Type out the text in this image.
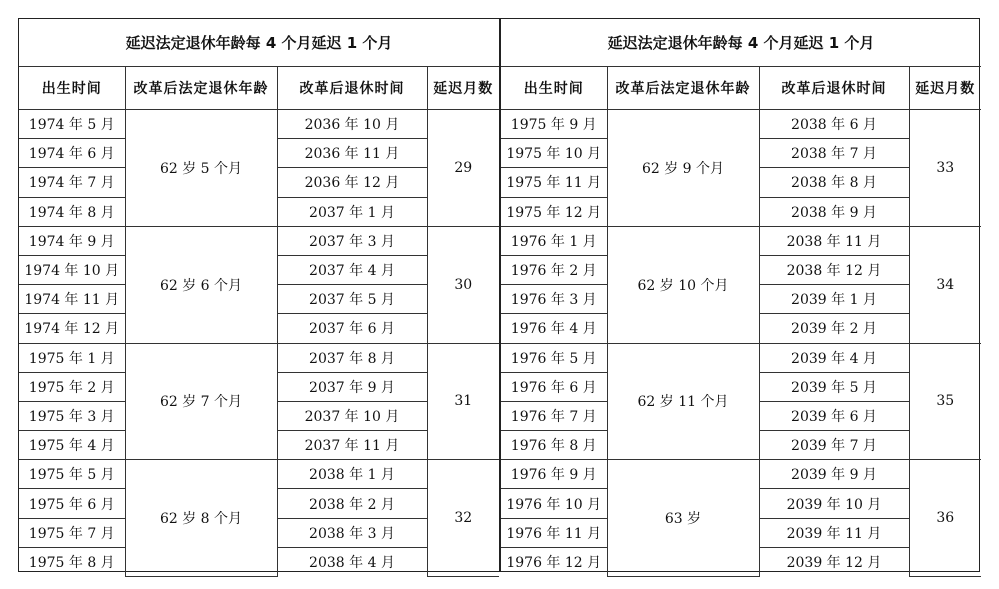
延迟法定退休年龄每 4 个月延迟 1 个月			
出生时间	改革后法定退休年龄	改革后退休时间	延迟月数
1974 年 5 月	62 岁 5 个月	2036 年 10 月	29
1974 年 6 月		2036 年 11 月	
1974 年 7 月		2036 年 12 月	
1974 年 8 月		2037 年 1 月	
1974 年 9 月	62 岁 6 个月	2037 年 3 月	30
1974 年 10 月		2037 年 4 月	
1974 年 11 月		2037 年 5 月	
1974 年 12 月		2037 年 6 月	
1975 年 1 月	62 岁 7 个月	2037 年 8 月	31
1975 年 2 月		2037 年 9 月	
1975 年 3 月		2037 年 10 月	
1975 年 4 月		2037 年 11 月	
1975 年 5 月	62 岁 8 个月	2038 年 1 月	32
1975 年 6 月		2038 年 2 月	
1975 年 7 月		2038 年 3 月	
1975 年 8 月		2038 年 4 月	
延迟法定退休年龄每 4 个月延迟 1 个月			
出生时间	改革后法定退休年龄	改革后退休时间	延迟月数
1975 年 9 月	62 岁 9 个月	2038 年 6 月	33
1975 年 10 月		2038 年 7 月	
1975 年 11 月		2038 年 8 月	
1975 年 12 月		2038 年 9 月	
1976 年 1 月	62 岁 10 个月	2038 年 11 月	34
1976 年 2 月		2038 年 12 月	
1976 年 3 月		2039 年 1 月	
1976 年 4 月		2039 年 2 月	
1976 年 5 月	62 岁 11 个月	2039 年 4 月	35
1976 年 6 月		2039 年 5 月	
1976 年 7 月		2039 年 6 月	
1976 年 8 月		2039 年 7 月	
1976 年 9 月	63 岁	2039 年 9 月	36
1976 年 10 月		2039 年 10 月	
1976 年 11 月		2039 年 11 月	
1976 年 12 月		2039 年 12 月	
